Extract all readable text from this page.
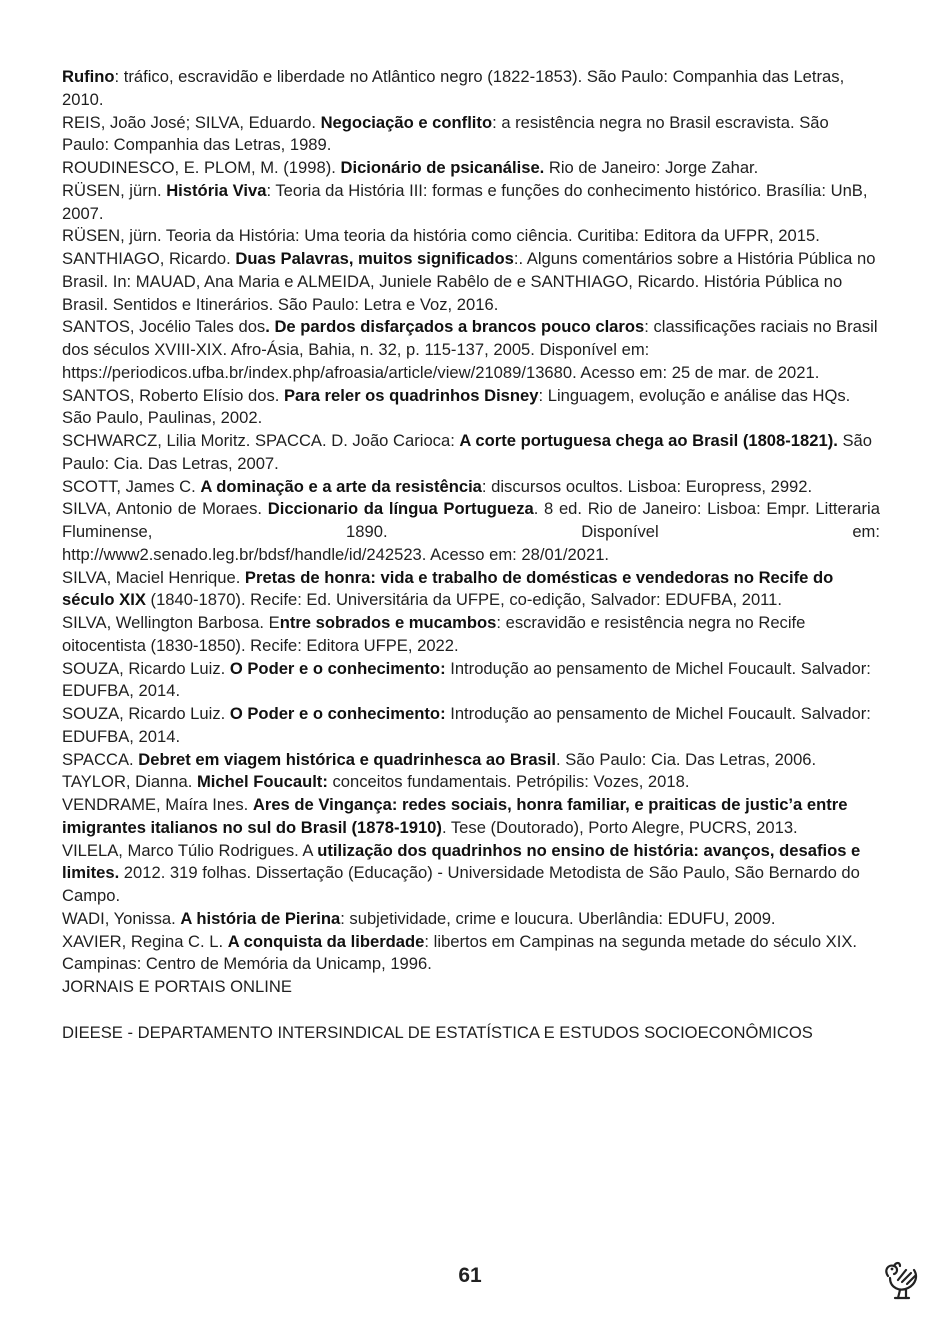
Rufino: tráfico, escravidão e liberdade no Atlântico negro (1822-1853). São Paulo: Companhia das Letras, 2010.

REIS, João José; SILVA, Eduardo. Negociação e conflito: a resistência negra no Brasil escravista. São Paulo: Companhia das Letras, 1989.

ROUDINESCO, E. PLOM, M. (1998). Dicionário de psicanálise. Rio de Janeiro: Jorge Zahar.

RÜSEN, jürn. História Viva: Teoria da História III: formas e funções do conhecimento histórico. Brasília: UnB, 2007.

RÜSEN, jürn. Teoria da História: Uma teoria da história como ciência. Curitiba: Editora da UFPR, 2015.

SANTHIAGO, Ricardo. Duas Palavras, muitos significados:. Alguns comentários sobre a História Pública no Brasil. In: MAUAD, Ana Maria e ALMEIDA, Juniele Rabêlo de e SANTHIAGO, Ricardo. História Pública no Brasil. Sentidos e Itinerários. São Paulo: Letra e Voz, 2016.

SANTOS, Jocélio Tales dos. De pardos disfarçados a brancos pouco claros: classificações raciais no Brasil dos séculos XVIII-XIX. Afro-Ásia, Bahia, n. 32, p. 115-137, 2005. Disponível em: https://periodicos.ufba.br/index.php/afroasia/article/view/21089/13680. Acesso em: 25 de mar. de 2021.

SANTOS, Roberto Elísio dos. Para reler os quadrinhos Disney: Linguagem, evolução e análise das HQs. São Paulo, Paulinas, 2002.

SCHWARCZ, Lilia Moritz. SPACCA. D. João Carioca: A corte portuguesa chega ao Brasil (1808-1821). São Paulo: Cia. Das Letras, 2007.

SCOTT, James C. A dominação e a arte da resistência: discursos ocultos. Lisboa: Europress, 2992.

SILVA, Antonio de Moraes. Diccionario da língua Portugueza. 8 ed. Rio de Janeiro: Lisboa: Empr. Litteraria Fluminense, 1890. Disponível em:

http://www2.senado.leg.br/bdsf/handle/id/242523. Acesso em: 28/01/2021.

SILVA, Maciel Henrique. Pretas de honra: vida e trabalho de domésticas e vendedoras no Recife do século XIX (1840-1870). Recife: Ed. Universitária da UFPE, co-edição, Salvador: EDUFBA, 2011.

SILVA, Wellington Barbosa. Entre sobrados e mucambos: escravidão e resistência negra no Recife oitocentista (1830-1850). Recife: Editora UFPE, 2022.

SOUZA, Ricardo Luiz. O Poder e o conhecimento: Introdução ao pensamento de Michel Foucault. Salvador: EDUFBA, 2014.

SOUZA, Ricardo Luiz. O Poder e o conhecimento: Introdução ao pensamento de Michel Foucault. Salvador: EDUFBA, 2014.

SPACCA. Debret em viagem histórica e quadrinhesca ao Brasil. São Paulo: Cia. Das Letras, 2006.

TAYLOR, Dianna. Michel Foucault: conceitos fundamentais. Petrópilis: Vozes, 2018.

VENDRAME, Maíra Ines. Ares de Vingança: redes sociais, honra familiar, e praiticas de justic’a entre imigrantes italianos no sul do Brasil (1878-1910). Tese (Doutorado), Porto Alegre, PUCRS, 2013.

VILELA, Marco Túlio Rodrigues. A utilização dos quadrinhos no ensino de história: avanços, desafios e limites. 2012. 319 folhas. Dissertação (Educação) - Universidade Metodista de São Paulo, São Bernardo do Campo.

WADI, Yonissa. A história de Pierina: subjetividade, crime e loucura. Uberlândia: EDUFU, 2009.

XAVIER, Regina C. L. A conquista da liberdade: libertos em Campinas na segunda metade do século XIX. Campinas: Centro de Memória da Unicamp, 1996.

JORNAIS E PORTAIS ONLINE

DIEESE - DEPARTAMENTO INTERSINDICAL DE ESTATÍSTICA E ESTUDOS SOCIOECONÔMICOS

61
